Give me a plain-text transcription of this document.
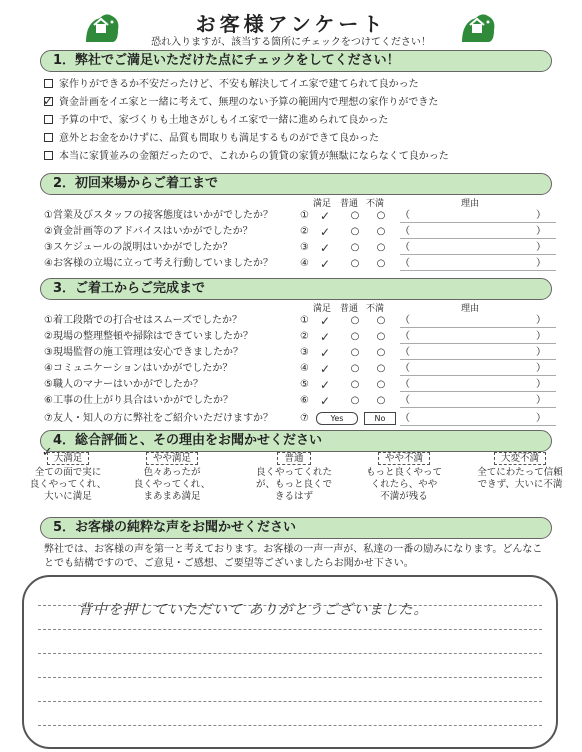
お客様アンケート
恐れ入りますが、該当する箇所にチェックをつけてください！
1．弊社でご満足いただけた点にチェックをしてください！
家作りができるか不安だったけど、不安も解決してイエ家で建てられて良かった
✓ 資金計画をイエ家と一緒に考えて、無理のない予算の範囲内で理想の家作りができた
予算の中で、家づくりも土地さがしもイエ家で一緒に進められて良かった
意外とお金をかけずに、品質も間取りも満足するものができて良かった
本当に家賃並みの金額だったので、これからの賃貸の家賃が無駄にならなくて良かった
2．初回来場からご着工まで
満足 普通 不満	理由
①営業及びスタッフの接客態度はいかがでしたか？	① ✓	○	○	（	）
②資金計画等のアドバイスはいかがでしたか？	② ✓	○	○	（	）
③スケジュールの説明はいかがでしたか？	③ ✓	○	○	（	）
④お客様の立場に立って考え行動していましたか？	④ ✓	○	○	（	）
3．ご着工からご完成まで
満足 普通 不満	理由
①着工段階での打合せはスムーズでしたか？	① ✓	○	○	（	）
②現場の整理整頓や掃除はできていましたか？	② ✓	○	○	（	）
③現場監督の施工管理は安心できましたか？	③ ✓	○	○	（	）
④コミュニケーションはいかがでしたか？	④ ✓	○	○	（	）
⑤職人のマナーはいかがでしたか？	⑤ ✓	○	○	（	）
⑥工事の仕上がり具合はいかがでしたか？	⑥ ✓	○	○	（	）
⑦友人・知人の方に弊社をご紹介いただけますか？	⑦	Yes	No	（	）
4．総合評価と、その理由をお聞かせください
✓ 大満足
全ての面で実に
良くやってくれ、
大いに満足
やや満足
色々あったが
良くやってくれ、
まあまあ満足
普通
良くやってくれた
が、もっと良くで
きるはず
やや不満
もっと良くやって
くれたら、やや
不満が残る
大変不満
全てにわたって信頼
できず、大いに不満
5．お客様の純粋な声をお聞かせください
弊社では、お客様の声を第一と考えております。お客様の一声一声が、私達の一番の励みになります。どんなことでも結構ですので、ご意見・ご感想、ご要望等ございましたらお聞かせ下さい。
背中を押していただいて ありがとうございました。
